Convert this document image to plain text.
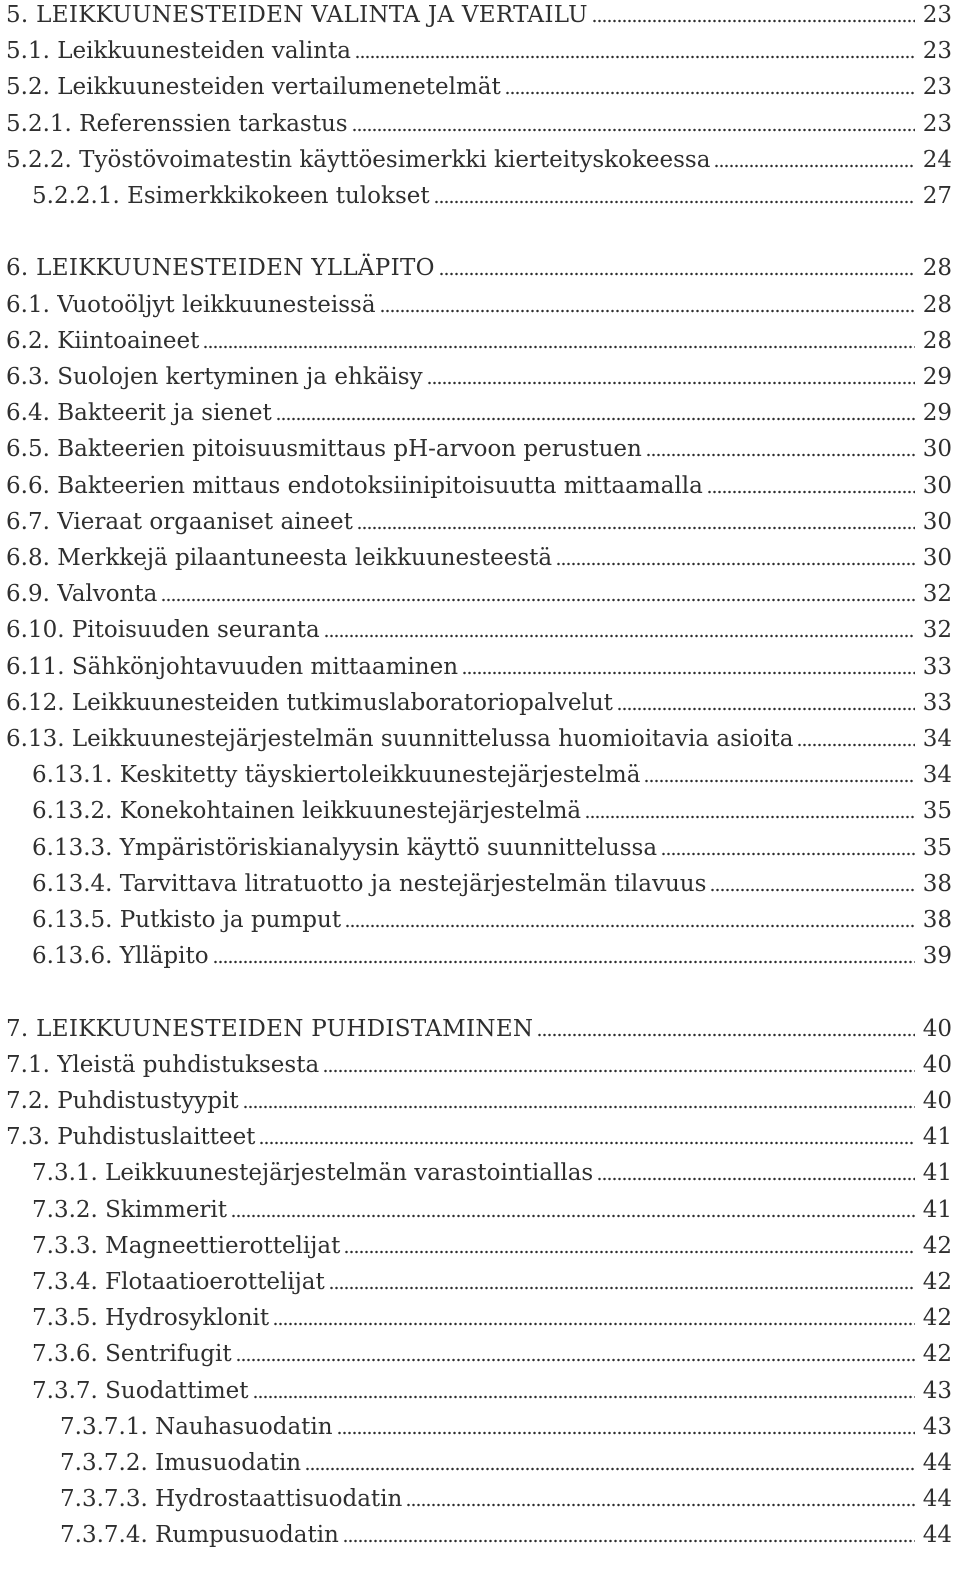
5. LEIKKUUNESTEIDEN VALINTA JA VERTAILU	23
5.1. Leikkuunesteiden valinta	23
5.2. Leikkuunesteiden vertailumenetelmät	23
5.2.1. Referenssien tarkastus	23
5.2.2. Työstövoimatestin käyttöesimerkki kierteityskokeessa	24
5.2.2.1. Esimerkkikokeen tulokset	27
6. LEIKKUUNESTEIDEN YLLÄPITO	28
6.1. Vuotoöljyt leikkuunesteissä	28
6.2. Kiintoaineet	28
6.3. Suolojen kertyminen ja ehkäisy	29
6.4. Bakteerit ja sienet	29
6.5. Bakteerien pitoisuusmittaus pH-arvoon perustuen	30
6.6. Bakteerien mittaus endotoksiinipitoisuutta mittaamalla	30
6.7. Vieraat orgaaniset aineet	30
6.8. Merkkejä pilaantuneesta leikkuunesteestä	30
6.9. Valvonta	32
6.10. Pitoisuuden seuranta	32
6.11. Sähkönjohtavuuden mittaaminen	33
6.12. Leikkuunesteiden tutkimuslaboratoriopalvelut	33
6.13. Leikkuunestejärjestelmän suunnittelussa huomioitavia asioita	34
6.13.1. Keskitetty täyskiertoleikkuunestejärjestelmä	34
6.13.2. Konekohtainen leikkuunestejärjestelmä	35
6.13.3. Ympäristöriskianalyysin käyttö suunnittelussa	35
6.13.4. Tarvittava litratuotto ja nestejärjestelmän tilavuus	38
6.13.5. Putkisto ja pumput	38
6.13.6. Ylläpito	39
7. LEIKKUUNESTEIDEN PUHDISTAMINEN	40
7.1. Yleistä puhdistuksesta	40
7.2. Puhdistustyypit	40
7.3. Puhdistuslaitteet	41
7.3.1. Leikkuunestejärjestelmän varastointiallas	41
7.3.2. Skimmerit	41
7.3.3. Magneettierottelijat	42
7.3.4. Flotaatioerottelijat	42
7.3.5. Hydrosyklonit	42
7.3.6. Sentrifugit	42
7.3.7. Suodattimet	43
7.3.7.1. Nauhasuodatin	43
7.3.7.2. Imusuodatin	44
7.3.7.3. Hydrostaattisuodatin	44
7.3.7.4. Rumpusuodatin	44
